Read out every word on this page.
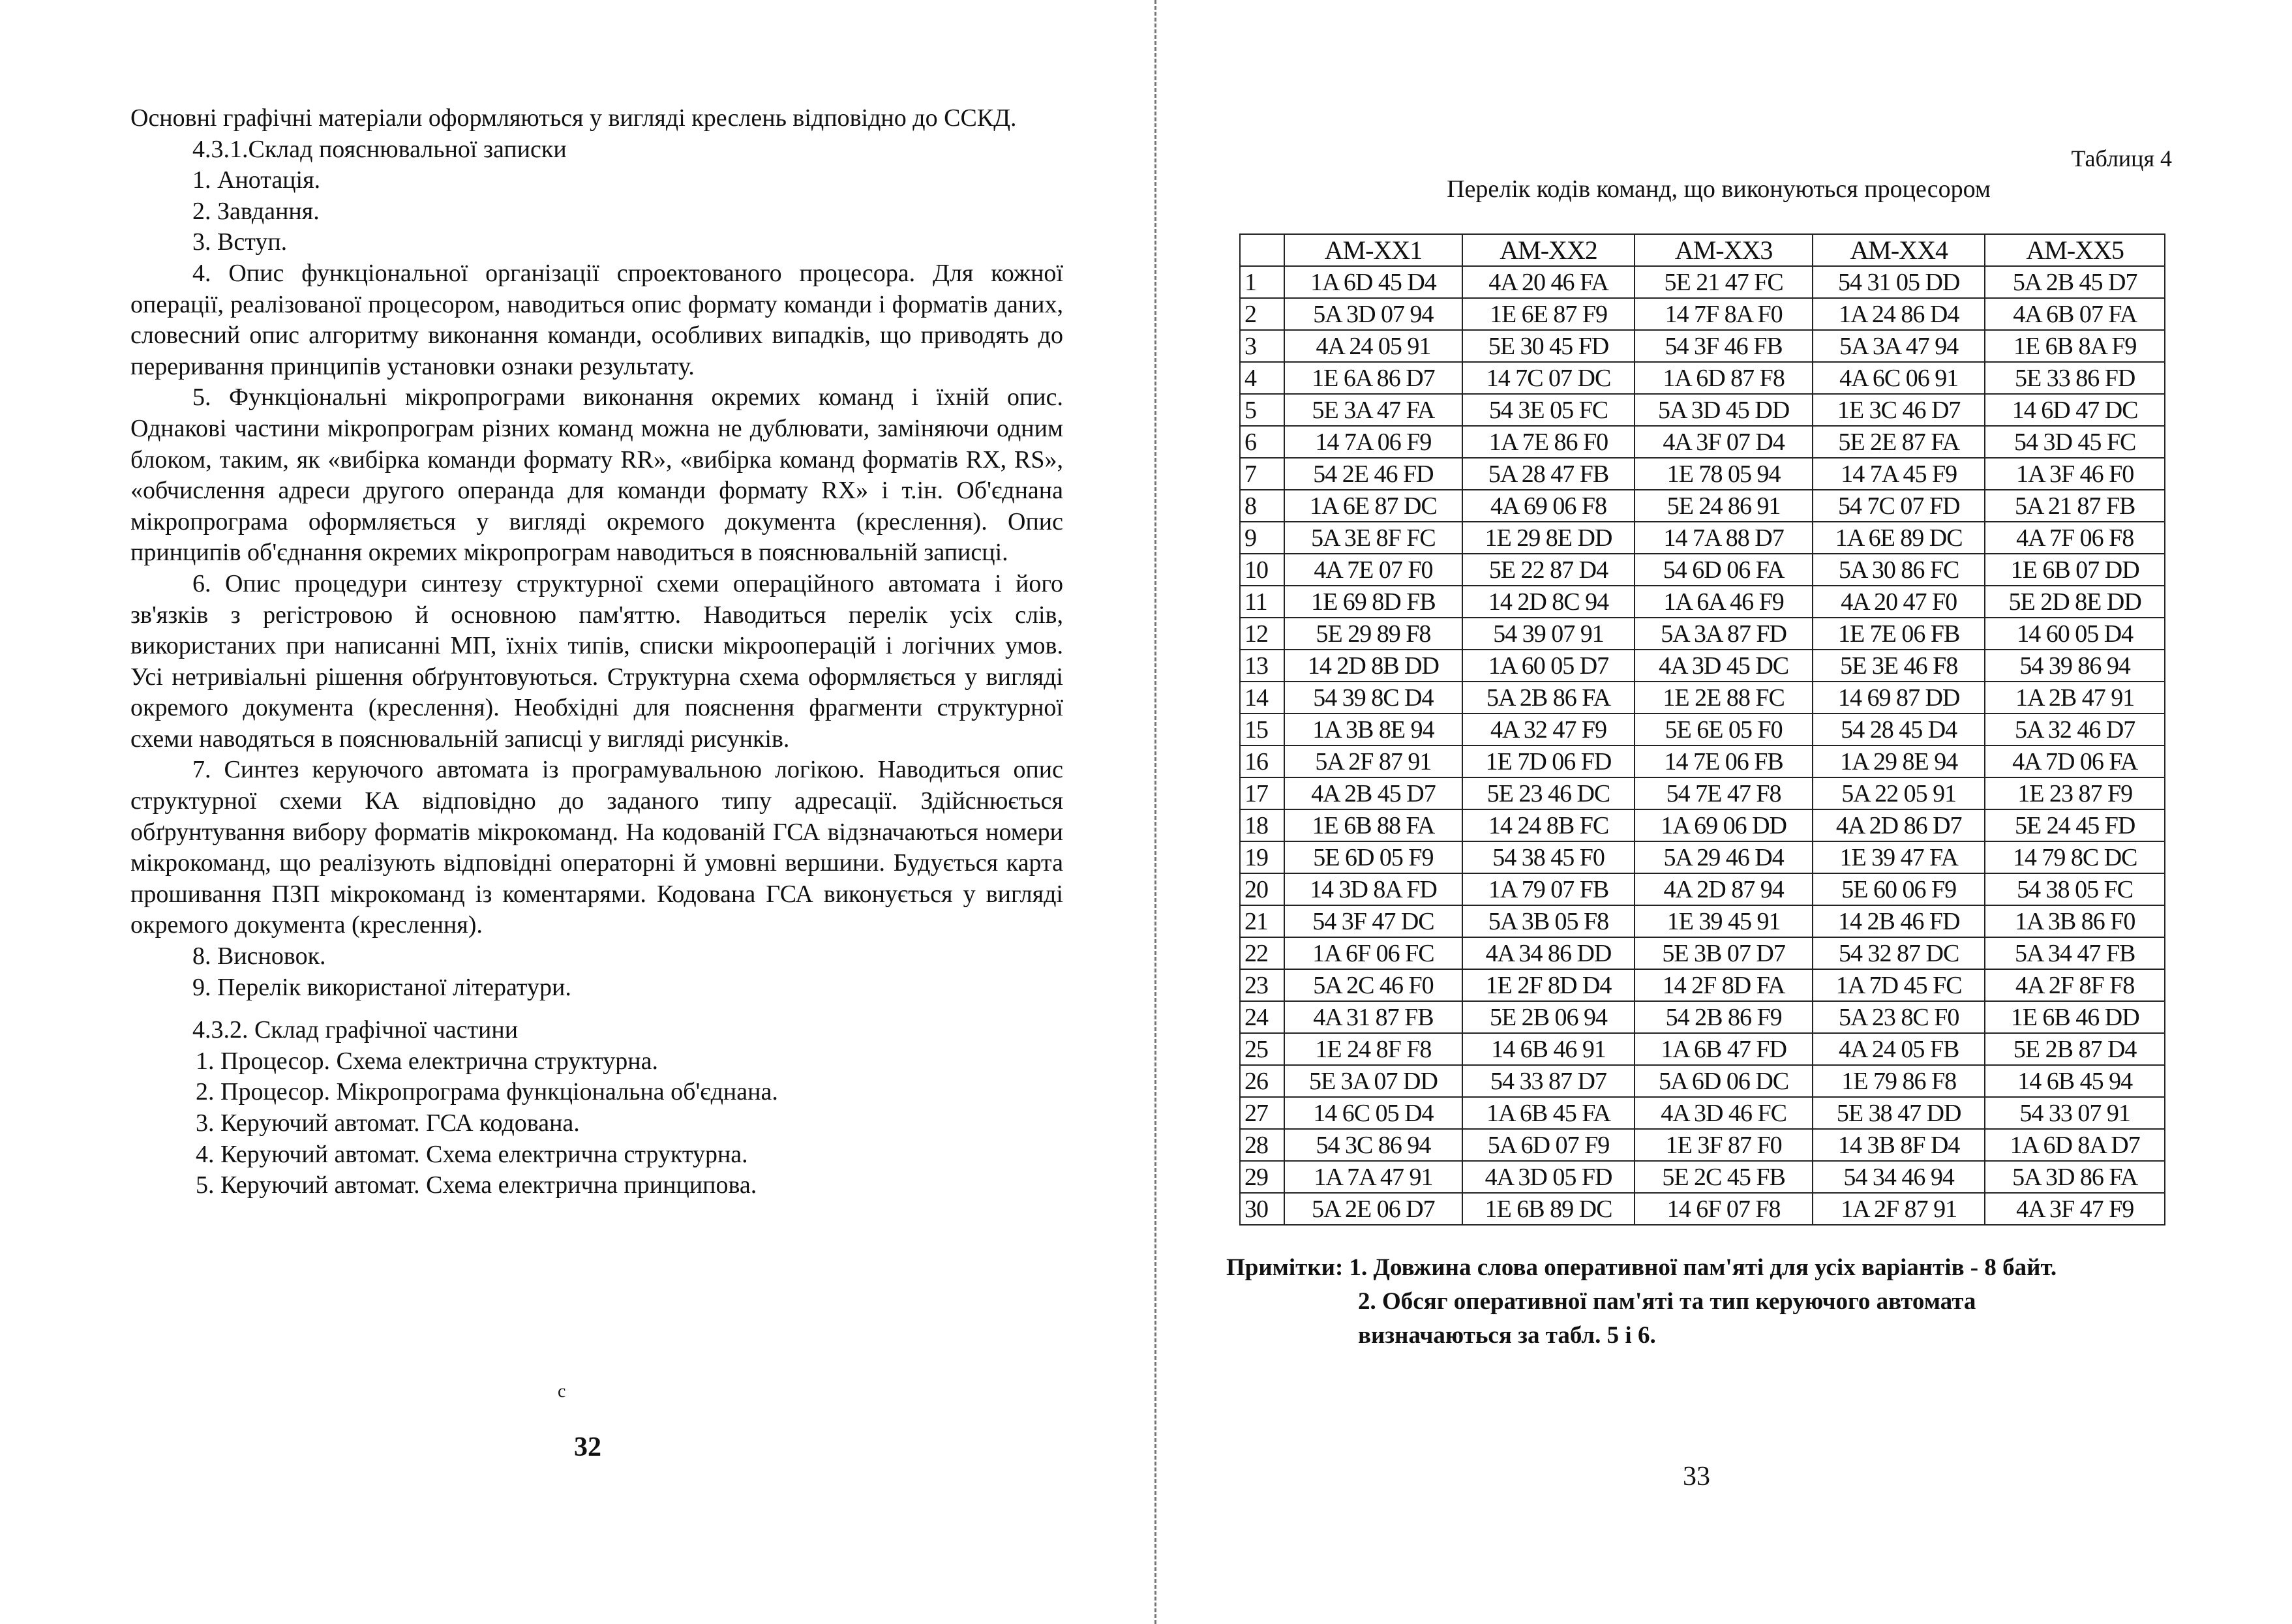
Основні графічні матеріали оформляються у вигляді креслень відповідно до ССКД.

4.3.1.Склад пояснювальної записки

1. Анотація.

2. Завдання.

3. Вступ.

4. Опис функціональної організації спроектованого процесора. Для кожної операції, реалізованої процесором, наводиться опис формату команди і форматів даних, словесний опис алгоритму виконання команди, особливих випадків, що приводять до переривання принципів установки ознаки результату.

5. Функціональні мікропрограми виконання окремих команд і їхній опис. Однакові частини мікропрограм різних команд можна не дублювати, заміняючи одним блоком, таким, як «вибірка команди формату RR», «вибірка команд форматів RX, RS», «обчислення адреси другого операнда для команди формату RX» і т.ін. Об'єднана мікропрограма оформляється у вигляді окремого документа (креслення). Опис принципів об'єднання окремих мікропрограм наводиться в пояснювальній записці.

6. Опис процедури синтезу структурної схеми операційного автомата і його зв'язків з регістровою й основною пам'яттю. Наводиться перелік усіх слів, використаних при написанні МП, їхніх типів, списки мікрооперацій і логічних умов. Усі нетривіальні рішення обґрунтовуються. Структурна схема оформляється у вигляді окремого документа (креслення). Необхідні для пояснення фрагменти структурної схеми наводяться в пояснювальній записці у вигляді рисунків.

7. Синтез керуючого автомата із програмувальною логікою. Наводиться опис структурної схеми КА відповідно до заданого типу адресації. Здійснюється обґрунтування вибору форматів мікрокоманд. На кодованій ГСА відзначаються номери мікрокоманд, що реалізують відповідні операторні й умовні вершини. Будується карта прошивання ПЗП мікрокоманд із коментарями. Кодована ГСА виконується у вигляді окремого документа (креслення).

8. Висновок.

9. Перелік використаної літератури.

4.3.2. Склад графічної частини

1. Процесор. Схема електрична структурна.

2. Процесор. Мікропрограма функціональна об'єднана.

3. Керуючий автомат. ГСА кодована.

4. Керуючий автомат. Схема електрична структурна.

5. Керуючий автомат. Схема електрична принципова.

c
32
Таблиця 4
Перелік кодів команд, що виконуються процесором
	AM-XX1	AM-XX2	AM-XX3	AM-XX4	AM-XX5
1	1A 6D 45 D4	4A 20 46 FA	5E 21 47 FC	54 31 05 DD	5A 2B 45 D7
2	5A 3D 07 94	1E 6E 87 F9	14 7F 8A F0	1A 24 86 D4	4A 6B 07 FA
3	4A 24 05 91	5E 30 45 FD	54 3F 46 FB	5A 3A 47 94	1E 6B 8A F9
4	1E 6A 86 D7	14 7C 07 DC	1A 6D 87 F8	4A 6C 06 91	5E 33 86 FD
5	5E 3A 47 FA	54 3E 05 FC	5A 3D 45 DD	1E 3C 46 D7	14 6D 47 DC
6	14 7A 06 F9	1A 7E 86 F0	4A 3F 07 D4	5E 2E 87 FA	54 3D 45 FC
7	54 2E 46 FD	5A 28 47 FB	1E 78 05 94	14 7A 45 F9	1A 3F 46 F0
8	1A 6E 87 DC	4A 69 06 F8	5E 24 86 91	54 7C 07 FD	5A 21 87 FB
9	5A 3E 8F FC	1E 29 8E DD	14 7A 88 D7	1A 6E 89 DC	4A 7F 06 F8
10	4A 7E 07 F0	5E 22 87 D4	54 6D 06 FA	5A 30 86 FC	1E 6B 07 DD
11	1E 69 8D FB	14 2D 8C 94	1A 6A 46 F9	4A 20 47 F0	5E 2D 8E DD
12	5E 29 89 F8	54 39 07 91	5A 3A 87 FD	1E 7E 06 FB	14 60 05 D4
13	14 2D 8B DD	1A 60 05 D7	4A 3D 45 DC	5E 3E 46 F8	54 39 86 94
14	54 39 8C D4	5A 2B 86 FA	1E 2E 88 FC	14 69 87 DD	1A 2B 47 91
15	1A 3B 8E 94	4A 32 47 F9	5E 6E 05 F0	54 28 45 D4	5A 32 46 D7
16	5A 2F 87 91	1E 7D 06 FD	14 7E 06 FB	1A 29 8E 94	4A 7D 06 FA
17	4A 2B 45 D7	5E 23 46 DC	54 7E 47 F8	5A 22 05 91	1E 23 87 F9
18	1E 6B 88 FA	14 24 8B FC	1A 69 06 DD	4A 2D 86 D7	5E 24 45 FD
19	5E 6D 05 F9	54 38 45 F0	5A 29 46 D4	1E 39 47 FA	14 79 8C DC
20	14 3D 8A FD	1A 79 07 FB	4A 2D 87 94	5E 60 06 F9	54 38 05 FC
21	54 3F 47 DC	5A 3B 05 F8	1E 39 45 91	14 2B 46 FD	1A 3B 86 F0
22	1A 6F 06 FC	4A 34 86 DD	5E 3B 07 D7	54 32 87 DC	5A 34 47 FB
23	5A 2C 46 F0	1E 2F 8D D4	14 2F 8D FA	1A 7D 45 FC	4A 2F 8F F8
24	4A 31 87 FB	5E 2B 06 94	54 2B 86 F9	5A 23 8C F0	1E 6B 46 DD
25	1E 24 8F F8	14 6B 46 91	1A 6B 47 FD	4A 24 05 FB	5E 2B 87 D4
26	5E 3A 07 DD	54 33 87 D7	5A 6D 06 DC	1E 79 86 F8	14 6B 45 94
27	14 6C 05 D4	1A 6B 45 FA	4A 3D 46 FC	5E 38 47 DD	54 33 07 91
28	54 3C 86 94	5A 6D 07 F9	1E 3F 87 F0	14 3B 8F D4	1A 6D 8A D7
29	1A 7A 47 91	4A 3D 05 FD	5E 2C 45 FB	54 34 46 94	5A 3D 86 FA
30	5A 2E 06 D7	1E 6B 89 DC	14 6F 07 F8	1A 2F 87 91	4A 3F 47 F9
Примітки: 1. Довжина слова оперативної пам'яті для усіх варіантів - 8 байт.
2. Обсяг оперативної пам'яті та тип керуючого автомата
визначаються за табл. 5 і 6.
33
